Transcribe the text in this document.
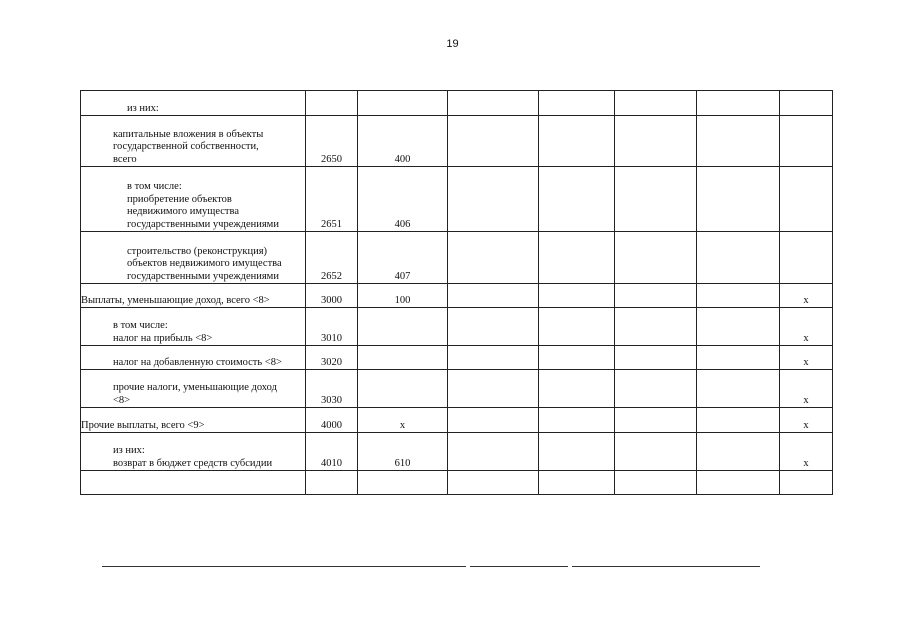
19
из них:							

капитальные вложения в объекты
государственной собственности,
всего	2650	400					

в том числе:
приобретение объектов
недвижимого имущества
государственными учреждениями	2651	406					

строительство (реконструкция)
объектов недвижимого имущества
государственными учреждениями	2652	407					

Выплаты, уменьшающие доход, всего <8>	3000	100					x

в том числе:
налог на прибыль <8>	3010						x

налог на добавленную стоимость <8>	3020						x

прочие налоги, уменьшающие доход
<8>	3030						x

Прочие выплаты, всего <9>	4000	x					x

из них:
возврат в бюджет средств субсидии	4010	610					x
